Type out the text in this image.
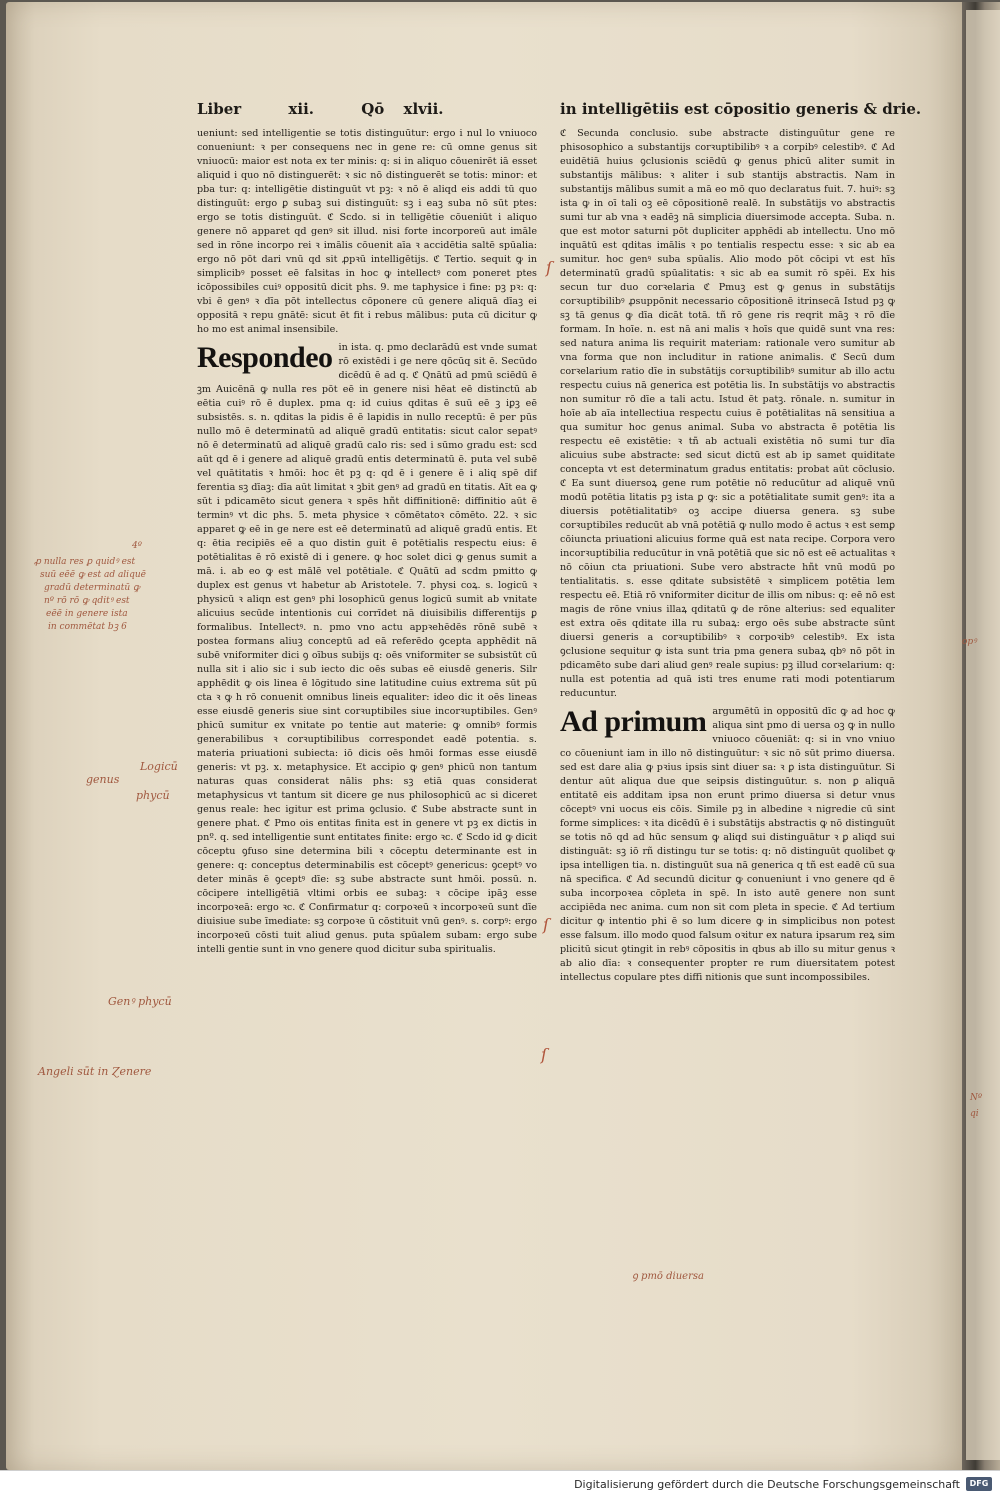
Liber	xii.	Qō xlvii.	in intelligētiis est cōpositio generis & drie.

ueniunt: sed intelligentie se totis distinguūtur: ergo i nul lo vniuoco conueniunt: ꝛ per consequens nec in gene re: cū omne genus sit vniuocū: maior est nota ex ter minis: q: si in aliquo cōuenirēt iā esset aliquid i quo nō distinguerēt: ꝛ sic nō distinguerēt se totis: minor: et pba tur: q: intelligētie distinguūt vt pꝫ: ꝛ nō ē aliqd eis addi tū quo distinguūt: ergo ꝑ subaꝫ sui distinguūt: sꝫ i eaꝫ suba nō sūt ptes: ergo se totis distinguūt. ℭ Scdo. si in telligētie cōueniūt i aliquo genere nō apparet qd genꝰ sit illud. nisi forte incorporeū aut imāle sed in rōne incorpo rei ꝛ imālis cōuenit aīa ꝛ accidētia saltē spūalia: ergo nō pōt dari vnū qd sit ꝓpꝛū intelligētijs. ℭ Tertio. sequit ꝙ in simplicibꝰ posset eē falsitas in hoc ꝙ intellectꝰ com poneret ptes icōpossibiles cuiꝰ oppositū dicit phs. 9. me taphysice i fine: pꝫ pꝛ: q: vbi ē genꝰ ꝛ dīa pōt intellectus cōponere cū genere aliquā dīaꝫ ei oppositā ꝛ repu gnātē: sicut ēt fit i rebus mālibus: puta cū dicitur ꝙ ho mo est animal insensibile.

Respondeo in ista. q. pmo declarādū est vnde sumat rō existēdi i ge nere qōcūq sit ē. Secūdo dicēdū ē ad q. ℭ Qnātū ad pmū sciēdū ē ꝫm Auicēnā ꝙ nulla res pōt eē in genere nisi hēat eē distinctū ab eētia cuiꝰ rō ē duplex. pma q: id cuius qditas ē suū eē ꝫ iꝑꝫ eē subsistēs. s. n. qditas la pidis ē ē lapidis in nullo receptū: ē per pūs nullo mō ē determinatū ad aliquē gradū entitatis: sicut calor sepatꝰ nō ē determinatū ad aliquē gradū calo ris: sed i sūmo gradu est: scd aūt qd ē i genere ad aliquē gradū entis determinatū ē. puta vel subē vel quātitatis ꝛ hmōi: hoc ēt pꝫ q: qd ē i genere ē i aliq spē dif ferentia sꝫ dīaꝫ: dīa aūt limitat ꝛ ꝫbit genꝰ ad gradū en titatis. Aīt ea ꝙ sūt i pdicamēto sicut genera ꝛ spēs hñt diffinitionē: diffinitio aūt ē terminꝰ vt dic phs. 5. meta physice ꝛ cōmētatoꝛ cōmēto. 22. ꝛ sic apparet ꝙ eē in ge nere est eē determinatū ad aliquē gradū entis. Et q: ētia recipiēs eē a quo distin guit ē potētialis respectu eius: ē potētialitas ē rō existē di i genere. ꝙ hoc solet dici ꝙ genus sumit a mā. i. ab eo ꝙ est mālē vel potētiale. ℭ Quātū ad scdm pmitto ꝙ duplex est genus vt habetur ab Aristotele. 7. physi coꝝ. s. logicū ꝛ physicū ꝛ aliqn est genꝰ phi losophicū genus logicū sumit ab vnitate alicuius secūde intentionis cui corrīdet nā diuisibilis differentijs ꝑ formalibus. Intellectꝰ. n. pmo vno actu appꝛehēdēs rōnē subē ꝛ postea formans aliuꝫ conceptū ad eā referēdo ꝯcepta apphēdit nā subē vniformiter dici ꝯ oībus subijs q: oēs vniformiter se subsistūt cū nulla sit i alio sic i sub iecto dic oēs subas eē eiusdē generis. Silr apphēdit ꝙ ois linea ē lōgitudo sine latitudine cuius extrema sūt pū cta ꝛ ꝙ h rō conuenit omnibus lineis equaliter: ideo dic it oēs lineas esse eiusdē generis siue sint corꝛuptibiles siue incorꝛuptibiles. Genꝰ phicū sumitur ex vnitate po tentie aut materie: ꝙ omnibꝰ formis generabilibus ꝛ corꝛuptibilibus correspondet eadē potentia. s. materia priuationi subiecta: iō dicis oēs hmōi formas esse eiusdē generis: vt pꝫ. x. metaphysice. Et accipio ꝙ genꝰ phicū non tantum naturas quas considerat nālis phs: sꝫ etiā quas considerat metaphysicus vt tantum sit dicere ge nus philosophicū ac si diceret genus reale: hec igitur est prima ꝯclusio. ℭ Sube abstracte sunt in genere phat. ℭ Pmo ois entitas finita est in genere vt pꝫ ex dictis in pnº. q. sed intelligentie sunt entitates finite: ergo ꝛc. ℭ Scdo id ꝙ dicit cōceptu ꝯfuso sine determina bili ꝛ cōceptu determinante est in genere: q: conceptus determinabilis est cōceptꝰ genericus: ꝯceptꝰ vo deter minās ē ꝯceptꝰ dīe: sꝫ sube abstracte sunt hmōi. possū. n. cōcipere intelligētiā vltimi orbis ee subaꝫ: ꝛ cōcipe ipāꝫ esse incorpoꝛeā: ergo ꝛc. ℭ Confirmatur q: corpoꝛeū ꝛ incorpoꝛeū sunt dīe diuisiue sube īmediate: sꝫ corpoꝛe ū cōstituit vnū genꝰ. s. corpꝰ: ergo incorpoꝛeū cōsti tuit aliud genus. puta spūalem subam: ergo sube intelli gentie sunt in vno genere quod dicitur suba spiritualis.

ℭ Secunda conclusio. sube abstracte distinguūtur gene re phisosophico a substantijs corꝛuptibilibꝰ ꝛ a corpibꝰ celestibꝰ. ℭ Ad euidētiā huius ꝯclusionis sciēdū ꝙ genus phicū aliter sumit in substantijs mālibus: ꝛ aliter i sub stantijs abstractis. Nam in substantijs mālibus sumit a mā eo mō quo declaratus fuit. 7. huiꝰ: sꝫ ista ꝙ in oī tali oꝫ eē cōpositionē realē. In substātijs vo abstractis sumi tur ab vna ꝛ eadēꝫ nā simplicia diuersimode accepta. Suba. n. que est motor saturni pōt dupliciter apphēdi ab intellectu. Uno mō inquātū est qditas imālis ꝛ po tentialis respectu esse: ꝛ sic ab ea sumitur. hoc genꝰ suba spūalis. Alio modo pōt cōcipi vt est hīs determinatū gradū spūalitatis: ꝛ sic ab ea sumit rō spēi. Ex his secun tur duo corꝛelaria ℭ Pmuꝫ est ꝙ genus in substātijs corꝛuptibilibꝰ ꝓsuppōnit necessario cōpositionē itrinsecā Istud pꝫ ꝙ sꝫ tā genus ꝙ dīa dicāt totā. tñ rō gene ris reqrit māꝫ ꝛ rō dīe formam. In hoīe. n. est nā ani malis ꝛ hoīs que quidē sunt vna res: sed natura anima lis requirit materiam: rationale vero sumitur ab vna forma que non includitur in ratione animalis. ℭ Secū dum corꝛelarium ratio dīe in substātijs corꝛuptibilibꝰ sumitur ab illo actu respectu cuius nā generica est potētia lis. In substātijs vo abstractis non sumitur rō dīe a tali actu. Istud ēt patꝫ. rōnale. n. sumitur in hoīe ab aīa intellectiua respectu cuius ē potētialitas nā sensitiua a qua sumitur hoc genus animal. Suba vo abstracta ē potētia lis respectu eē existētie: ꝛ tñ ab actuali existētia nō sumi tur dīa alicuius sube abstracte: sed sicut dictū est ab ip samet quiditate concepta vt est determinatum gradus entitatis: probat aūt cōclusio. ℭ Ea sunt diuersoꝝ gene rum potētie nō reducūtur ad aliquē vnū modū potētia litatis pꝫ ista ꝑ ꝙ: sic a potētialitate sumit genꝰ: ita a diuersis potētialitatibꝰ oꝫ accipe diuersa genera. sꝫ sube corꝛuptibiles reducūt ab vnā potētiā ꝙ nullo modo ē actus ꝛ est semꝑ cōiuncta priuationi alicuius forme quā est nata recipe. Corpora vero incorꝛuptibilia reducūtur in vnā potētiā que sic nō est eē actualitas ꝛ nō cōiun cta priuationi. Sube vero abstracte hñt vnū modū po tentialitatis. s. esse qditate subsistētē ꝛ simplicem potētia lem respectu eē. Etiā rō vniformiter dicitur de illis om nibus: q: eē nō est magis de rōne vnius illaꝝ qditatū ꝙ de rōne alterius: sed equaliter est extra oēs qditate illa ru subaꝝ: ergo oēs sube abstracte sūnt diuersi generis a corꝛuptibilibꝰ ꝛ corpoꝛibꝰ celestibꝰ. Ex ista ꝯclusione sequitur ꝙ ista sunt tria pma genera subaꝝ qbꝰ nō pōt in pdicamēto sube dari aliud genꝰ reale supius: pꝫ illud corꝛelarium: q: nulla est potentia ad quā isti tres enume rati modi potentiarum reducuntur.

Ad primum argumētū in oppositū dīc ꝙ ad hoc ꝙ aliqua sint pmo di uersa oꝫ ꝙ in nullo vniuoco cōueniāt: q: si in vno vniuo co cōueniunt iam in illo nō distinguūtur: ꝛ sic nō sūt primo diuersa. sed est dare alia ꝙ pꝛius ipsis sint diuer sa: ꝛ ꝑ ista distinguūtur. Si dentur aūt aliqua due que seipsis distinguūtur. s. non ꝑ aliquā entitatē eis additam ipsa non erunt primo diuersa si detur vnus cōceptꝰ vni uocus eis cōis. Simile pꝫ in albedine ꝛ nigredie cū sint forme simplices: ꝛ ita dicēdū ē i substātijs abstractis ꝙ nō distinguūt se totis nō qd ad hūc sensum ꝙ aliqd sui distinguātur ꝛ ꝑ aliqd sui distinguāt: sꝫ iō rñ distingu tur se totis: q: nō distinguūt quolibet ꝙ ipsa intelligen tia. n. distinguūt sua nā generica q tñ est eadē cū sua nā specifica. ℭ Ad secundū dicitur ꝙ conueniunt i vno genere qd ē suba incorpoꝛea cōpleta in spē. In isto autē genere non sunt accipiēda nec anima. cum non sit com pleta in specie. ℭ Ad tertium dicitur ꝙ intentio phi ē so lum dicere ꝙ in simplicibus non potest esse falsum. illo modo quod falsum oꝛitur ex natura ipsarum reꝝ sim plicitū sicut ꝯtingit in rebꝰ cōpositis in qbus ab illo su mitur genus ꝛ ab alio dīa: ꝛ consequenter propter re rum diuersitatem potest intellectus copulare ptes diffi nitionis que sunt incompossibiles.

4º
ꝓ nulla res ꝑ quidꝰ est
suū eēē ꝙ est ad aliquē
gradū determinatū ꝙ
nº rō rō ꝙ qditꝰ est
eēē in genere ista
in commētat bꝫ 6
Logicū
genus
phycū
Genꝰ phycū
Angeli sūt in Ɀenere
opꝰ
Nº
qi
ꝯ pmō diuersa
ſ
ſ
ſ
Digitalisierung gefördert durch die Deutsche Forschungsgemeinschaft	DFG
